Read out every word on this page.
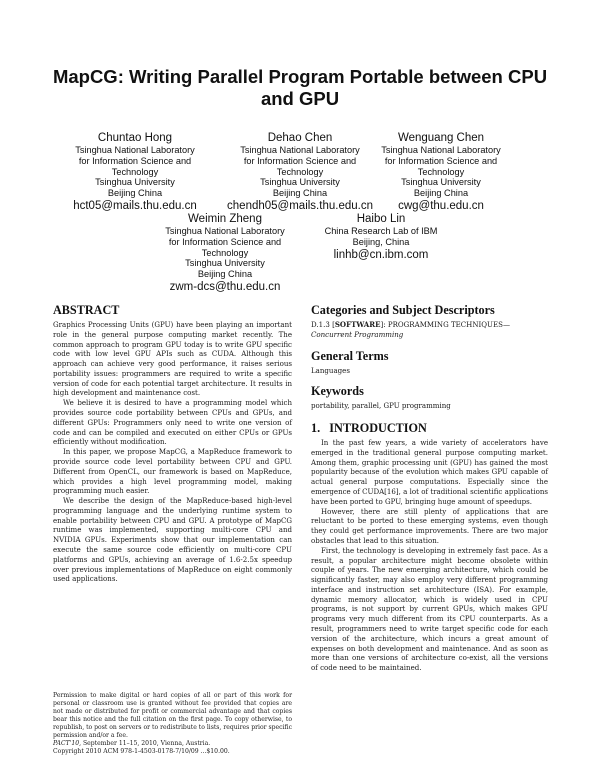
MapCG: Writing Parallel Program Portable between CPU and GPU
Chuntao Hong
Tsinghua National Laboratory
for Information Science and
Technology
Tsinghua University
Beijing China
hct05@mails.thu.edu.cn
Dehao Chen
Tsinghua National Laboratory
for Information Science and
Technology
Tsinghua University
Beijing China
chendh05@mails.thu.edu.cn
Wenguang Chen
Tsinghua National Laboratory
for Information Science and
Technology
Tsinghua University
Beijing China
cwg@thu.edu.cn
Weimin Zheng
Tsinghua National Laboratory
for Information Science and
Technology
Tsinghua University
Beijing China
zwm-dcs@thu.edu.cn
Haibo Lin
China Research Lab of IBM
Beijing, China
linhb@cn.ibm.com
ABSTRACT

Graphics Processing Units (GPU) have been playing an important role in the general purpose computing market recently. The common approach to program GPU today is to write GPU specific code with low level GPU APIs such as CUDA. Although this approach can achieve very good performance, it raises serious portability issues: programmers are required to write a specific version of code for each potential target architecture. It results in high development and maintenance cost.

We believe it is desired to have a programming model which provides source code portability between CPUs and GPUs, and different GPUs: Programmers only need to write one version of code and can be compiled and executed on either CPUs or GPUs efficiently without modification.

In this paper, we propose MapCG, a MapReduce framework to provide source code level portability between CPU and GPU. Different from OpenCL, our framework is based on MapReduce, which provides a high level programming model, making programming much easier.

We describe the design of the MapReduce-based high-level programming language and the underlying runtime system to enable portability between CPU and GPU. A prototype of MapCG runtime was implemented, supporting multi-core CPU and NVIDIA GPUs. Experiments show that our implementation can execute the same source code efficiently on multi-core CPU platforms and GPUs, achieving an average of 1.6-2.5x speedup over previous implementations of MapReduce on eight commonly used applications.

Permission to make digital or hard copies of all or part of this work for personal or classroom use is granted without fee provided that copies are not made or distributed for profit or commercial advantage and that copies bear this notice and the full citation on the first page. To copy otherwise, to republish, to post on servers or to redistribute to lists, requires prior specific permission and/or a fee.

PACT'10, September 11–15, 2010, Vienna, Austria.

Copyright 2010 ACM 978-1-4503-0178-7/10/09 ...$10.00.

Categories and Subject Descriptors

D.1.3 [SOFTWARE]: PROGRAMMING TECHNIQUES—
Concurrent Programming

General Terms

Languages

Keywords

portability, parallel, GPU programming

1.   INTRODUCTION

In the past few years, a wide variety of accelerators have emerged in the traditional general purpose computing market. Among them, graphic processing unit (GPU) has gained the most popularity because of the evolution which makes GPU capable of actual general purpose computations. Especially since the emergence of CUDA[16], a lot of traditional scientific applications have been ported to GPU, bringing huge amount of speedups.

However, there are still plenty of applications that are reluctant to be ported to these emerging systems, even though they could get performance improvements. There are two major obstacles that lead to this situation.

First, the technology is developing in extremely fast pace. As a result, a popular architecture might become obsolete within couple of years. The new emerging architecture, which could be significantly faster, may also employ very different programming interface and instruction set architecture (ISA). For example, dynamic memory allocator, which is widely used in CPU programs, is not support by current GPUs, which makes GPU programs very much different from its CPU counterparts. As a result, programmers need to write target specific code for each version of the architecture, which incurs a great amount of expenses on both development and maintenance. And as soon as more than one versions of architecture co-exist, all the versions of code need to be maintained.
